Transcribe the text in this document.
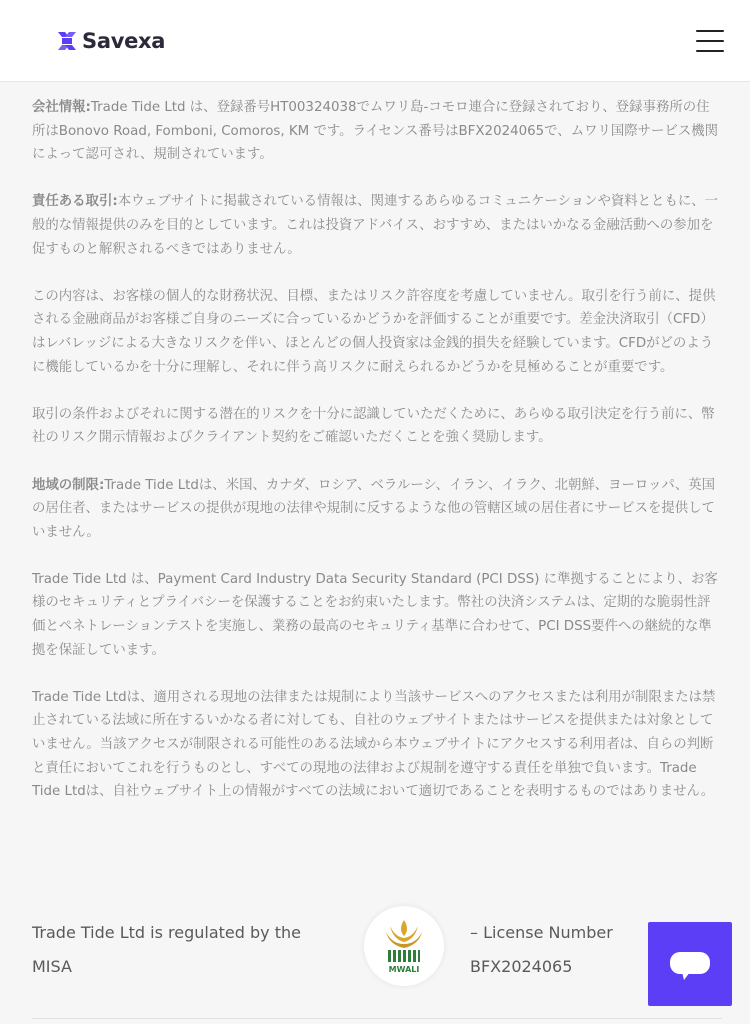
Savexa

会社情報:Trade Tide Ltd は、登録番号HT00324038でムワリ島-コモロ連合に登録されており、登録事務所の住所はBonovo Road, Fomboni, Comoros, KM です。ライセンス番号はBFX2024065で、ムワリ国際サービス機関によって認可され、規制されています。

責任ある取引:本ウェブサイトに掲載されている情報は、関連するあらゆるコミュニケーションや資料とともに、一般的な情報提供のみを目的としています。これは投資アドバイス、おすすめ、またはいかなる金融活動への参加を促すものと解釈されるべきではありません。

この内容は、お客様の個人的な財務状況、目標、またはリスク許容度を考慮していません。取引を行う前に、提供される金融商品がお客様ご自身のニーズに合っているかどうかを評価することが重要です。差金決済取引（CFD）はレバレッジによる大きなリスクを伴い、ほとんどの個人投資家は金銭的損失を経験しています。CFDがどのように機能しているかを十分に理解し、それに伴う高リスクに耐えられるかどうかを見極めることが重要です。

取引の条件およびそれに関する潜在的リスクを十分に認識していただくために、あらゆる取引決定を行う前に、幣社のリスク開示情報およびクライアント契約をご確認いただくことを強く奨励します。

地域の制限:Trade Tide Ltdは、米国、カナダ、ロシア、ベラルーシ、イラン、イラク、北朝鮮、ヨーロッパ、英国の居住者、またはサービスの提供が現地の法律や規制に反するような他の管轄区域の居住者にサービスを提供していません。

Trade Tide Ltd は、Payment Card Industry Data Security Standard (PCI DSS) に準拠することにより、お客様のセキュリティとプライバシーを保護することをお約束いたします。幣社の決済システムは、定期的な脆弱性評価とペネトレーションテストを実施し、業務の最高のセキュリティ基準に合わせて、PCI DSS要件への継続的な準拠を保証しています。

Trade Tide Ltdは、適用される現地の法律または規制により当該サービスへのアクセスまたは利用が制限または禁止されている法域に所在するいかなる者に対しても、自社のウェブサイトまたはサービスを提供または対象としていません。当該アクセスが制限される可能性のある法域から本ウェブサイトにアクセスする利用者は、自らの判断と責任においてこれを行うものとし、すべての現地の法律および規制を遵守する責任を単独で負います。Trade Tide Ltdは、自社ウェブサイト上の情報がすべての法域において適切であることを表明するものではありません。

Trade Tide Ltd is regulated by the
MISA	MWALI
– License Number
BFX2024065
